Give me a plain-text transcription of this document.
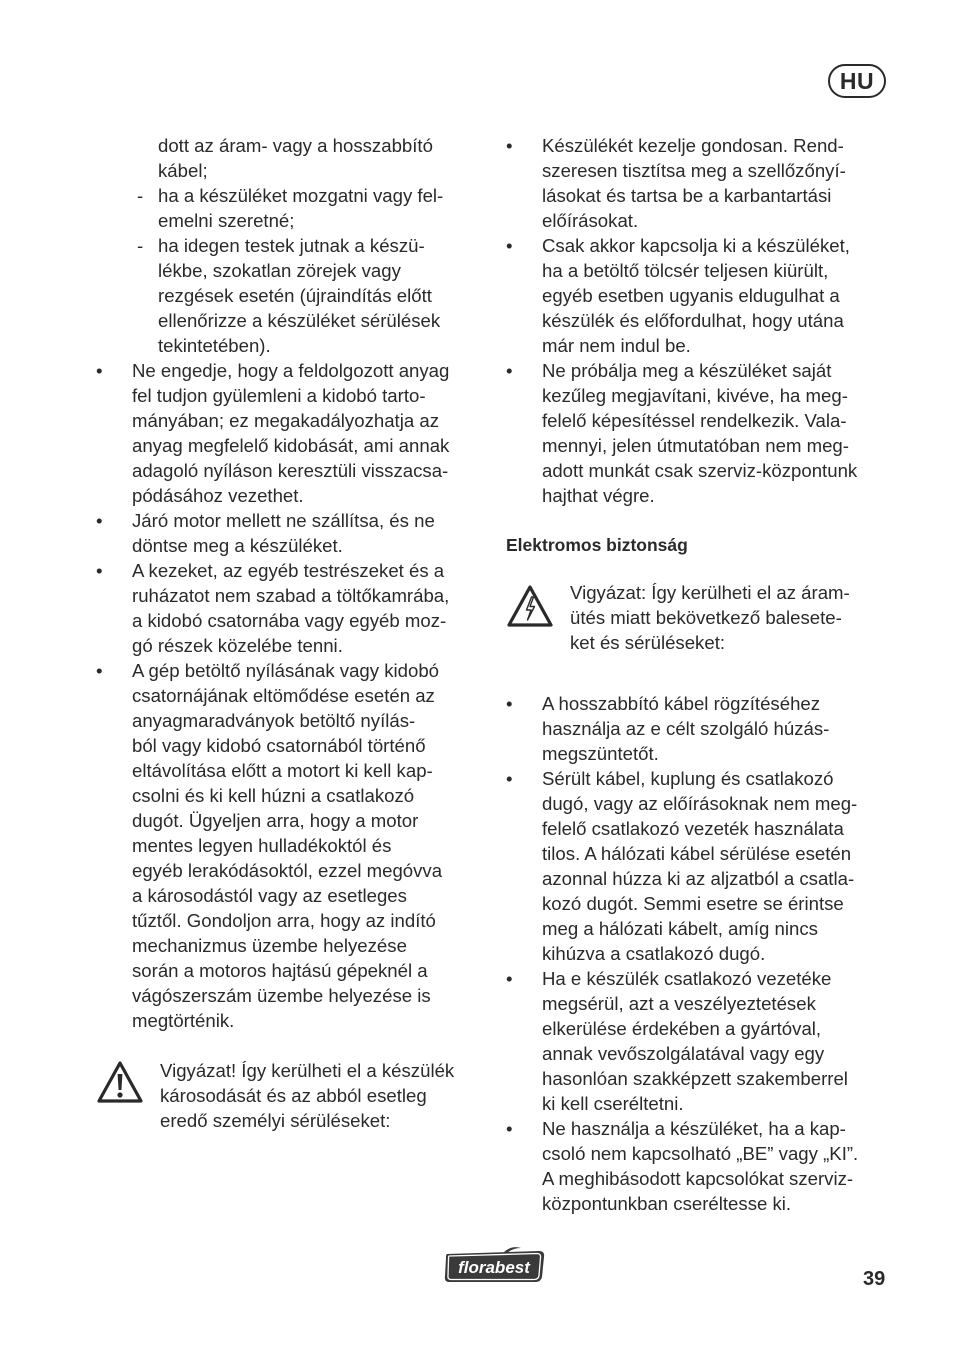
HU
dott az áram- vagy a hosszabbító
kábel;
- ha a készüléket mozgatni vagy fel-
emelni szeretné;
- ha idegen testek jutnak a készü-
lékbe, szokatlan zörejek vagy
rezgések esetén (újraindítás előtt
ellenőrizze a készüléket sérülések
tekintetében).
• Ne engedje, hogy a feldolgozott anyag
fel tudjon gyülemleni a kidobó tarto-
mányában; ez megakadályozhatja az
anyag megfelelő kidobását, ami annak
adagoló nyíláson keresztüli visszacsa-
pódásához vezethet.
• Járó motor mellett ne szállítsa, és ne
döntse meg a készüléket.
• A kezeket, az egyéb testrészeket és a
ruházatot nem szabad a töltőkamrába,
a kidobó csatornába vagy egyéb moz-
gó részek közelébe tenni.
• A gép betöltő nyílásának vagy kidobó
csatornájának eltömődése esetén az
anyagmaradványok betöltő nyílás-
ból vagy kidobó csatornából történő
eltávolítása előtt a motort ki kell kap-
csolni és ki kell húzni a csatlakozó
dugót. Ügyeljen arra, hogy a motor
mentes legyen hulladékoktól és
egyéb lerakódásoktól, ezzel megóvva
a károsodástól vagy az esetleges
tűztől. Gondoljon arra, hogy az indító
mechanizmus üzembe helyezése
során a motoros hajtású gépeknél a
vágószerszám üzembe helyezése is
megtörténik.
Vigyázat! Így kerülheti el a készülék
károsodását és az abból esetleg
eredő személyi sérüléseket:
• Készülékét kezelje gondosan. Rend-
szeresen tisztítsa meg a szellőzőnyí-
lásokat és tartsa be a karbantartási
előírásokat.
• Csak akkor kapcsolja ki a készüléket,
ha a betöltő tölcsér teljesen kiürült,
egyéb esetben ugyanis eldugulhat a
készülék és előfordulhat, hogy utána
már nem indul be.
• Ne próbálja meg a készüléket saját
kezűleg megjavítani, kivéve, ha meg-
felelő képesítéssel rendelkezik. Vala-
mennyi, jelen útmutatóban nem meg-
adott munkát csak szerviz-központunk
hajthat végre.
Elektromos biztonság
Vigyázat: Így kerülheti el az áram-
ütés miatt bekövetkező balesete-
ket és sérüléseket:
• A hosszabbító kábel rögzítéséhez
használja az e célt szolgáló húzás-
megszüntetőt.
• Sérült kábel, kuplung és csatlakozó
dugó, vagy az előírásoknak nem meg-
felelő csatlakozó vezeték használata
tilos. A hálózati kábel sérülése esetén
azonnal húzza ki az aljzatból a csatla-
kozó dugót. Semmi esetre se érintse
meg a hálózati kábelt, amíg nincs
kihúzva a csatlakozó dugó.
• Ha e készülék csatlakozó vezetéke
megsérül, azt a veszélyeztetések
elkerülése érdekében a gyártóval,
annak vevőszolgálatával vagy egy
hasonlóan szakképzett szakemberrel
ki kell cseréltetni.
• Ne használja a készüléket, ha a kap-
csoló nem kapcsolható „BE” vagy „KI”.
A meghibásodott kapcsolókat szerviz-
központunkban cseréltesse ki.
florabest
39
